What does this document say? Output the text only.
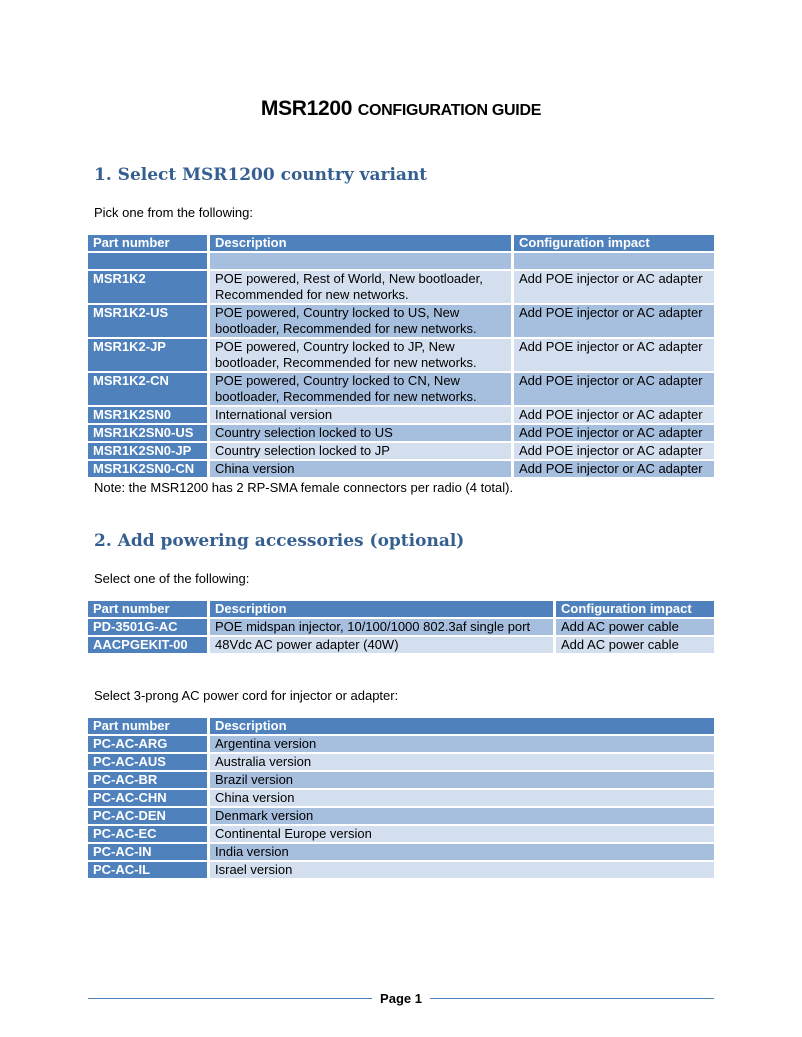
MSR1200 CONFIGURATION GUIDE
1. Select MSR1200 country variant
Pick one from the following:
Part number	Description	Configuration impact

MSR1K2	POE powered, Rest of World, New bootloader, Recommended for new networks.	Add POE injector or AC adapter
MSR1K2-US	POE powered, Country locked to US, New bootloader, Recommended for new networks.	Add POE injector or AC adapter
MSR1K2-JP	POE powered, Country locked to JP, New bootloader, Recommended for new networks.	Add POE injector or AC adapter
MSR1K2-CN	POE powered, Country locked to CN, New bootloader, Recommended for new networks.	Add POE injector or AC adapter
MSR1K2SN0	International version	Add POE injector or AC adapter
MSR1K2SN0-US	Country selection locked to US	Add POE injector or AC adapter
MSR1K2SN0-JP	Country selection locked to JP	Add POE injector or AC adapter
MSR1K2SN0-CN	China version	Add POE injector or AC adapter
Note: the MSR1200 has 2 RP-SMA female connectors per radio (4 total).
2. Add powering accessories (optional)
Select one of the following:
Part number	Description	Configuration impact
PD-3501G-AC	POE midspan injector, 10/100/1000 802.3af single port	Add AC power cable
AACPGEKIT-00	48Vdc AC power adapter (40W)	Add AC power cable
Select 3-prong AC power cord for injector or adapter:
Part number	Description
PC-AC-ARG	Argentina version
PC-AC-AUS	Australia version
PC-AC-BR	Brazil version
PC-AC-CHN	China version
PC-AC-DEN	Denmark version
PC-AC-EC	Continental Europe version
PC-AC-IN	India version
PC-AC-IL	Israel version
Page 1
